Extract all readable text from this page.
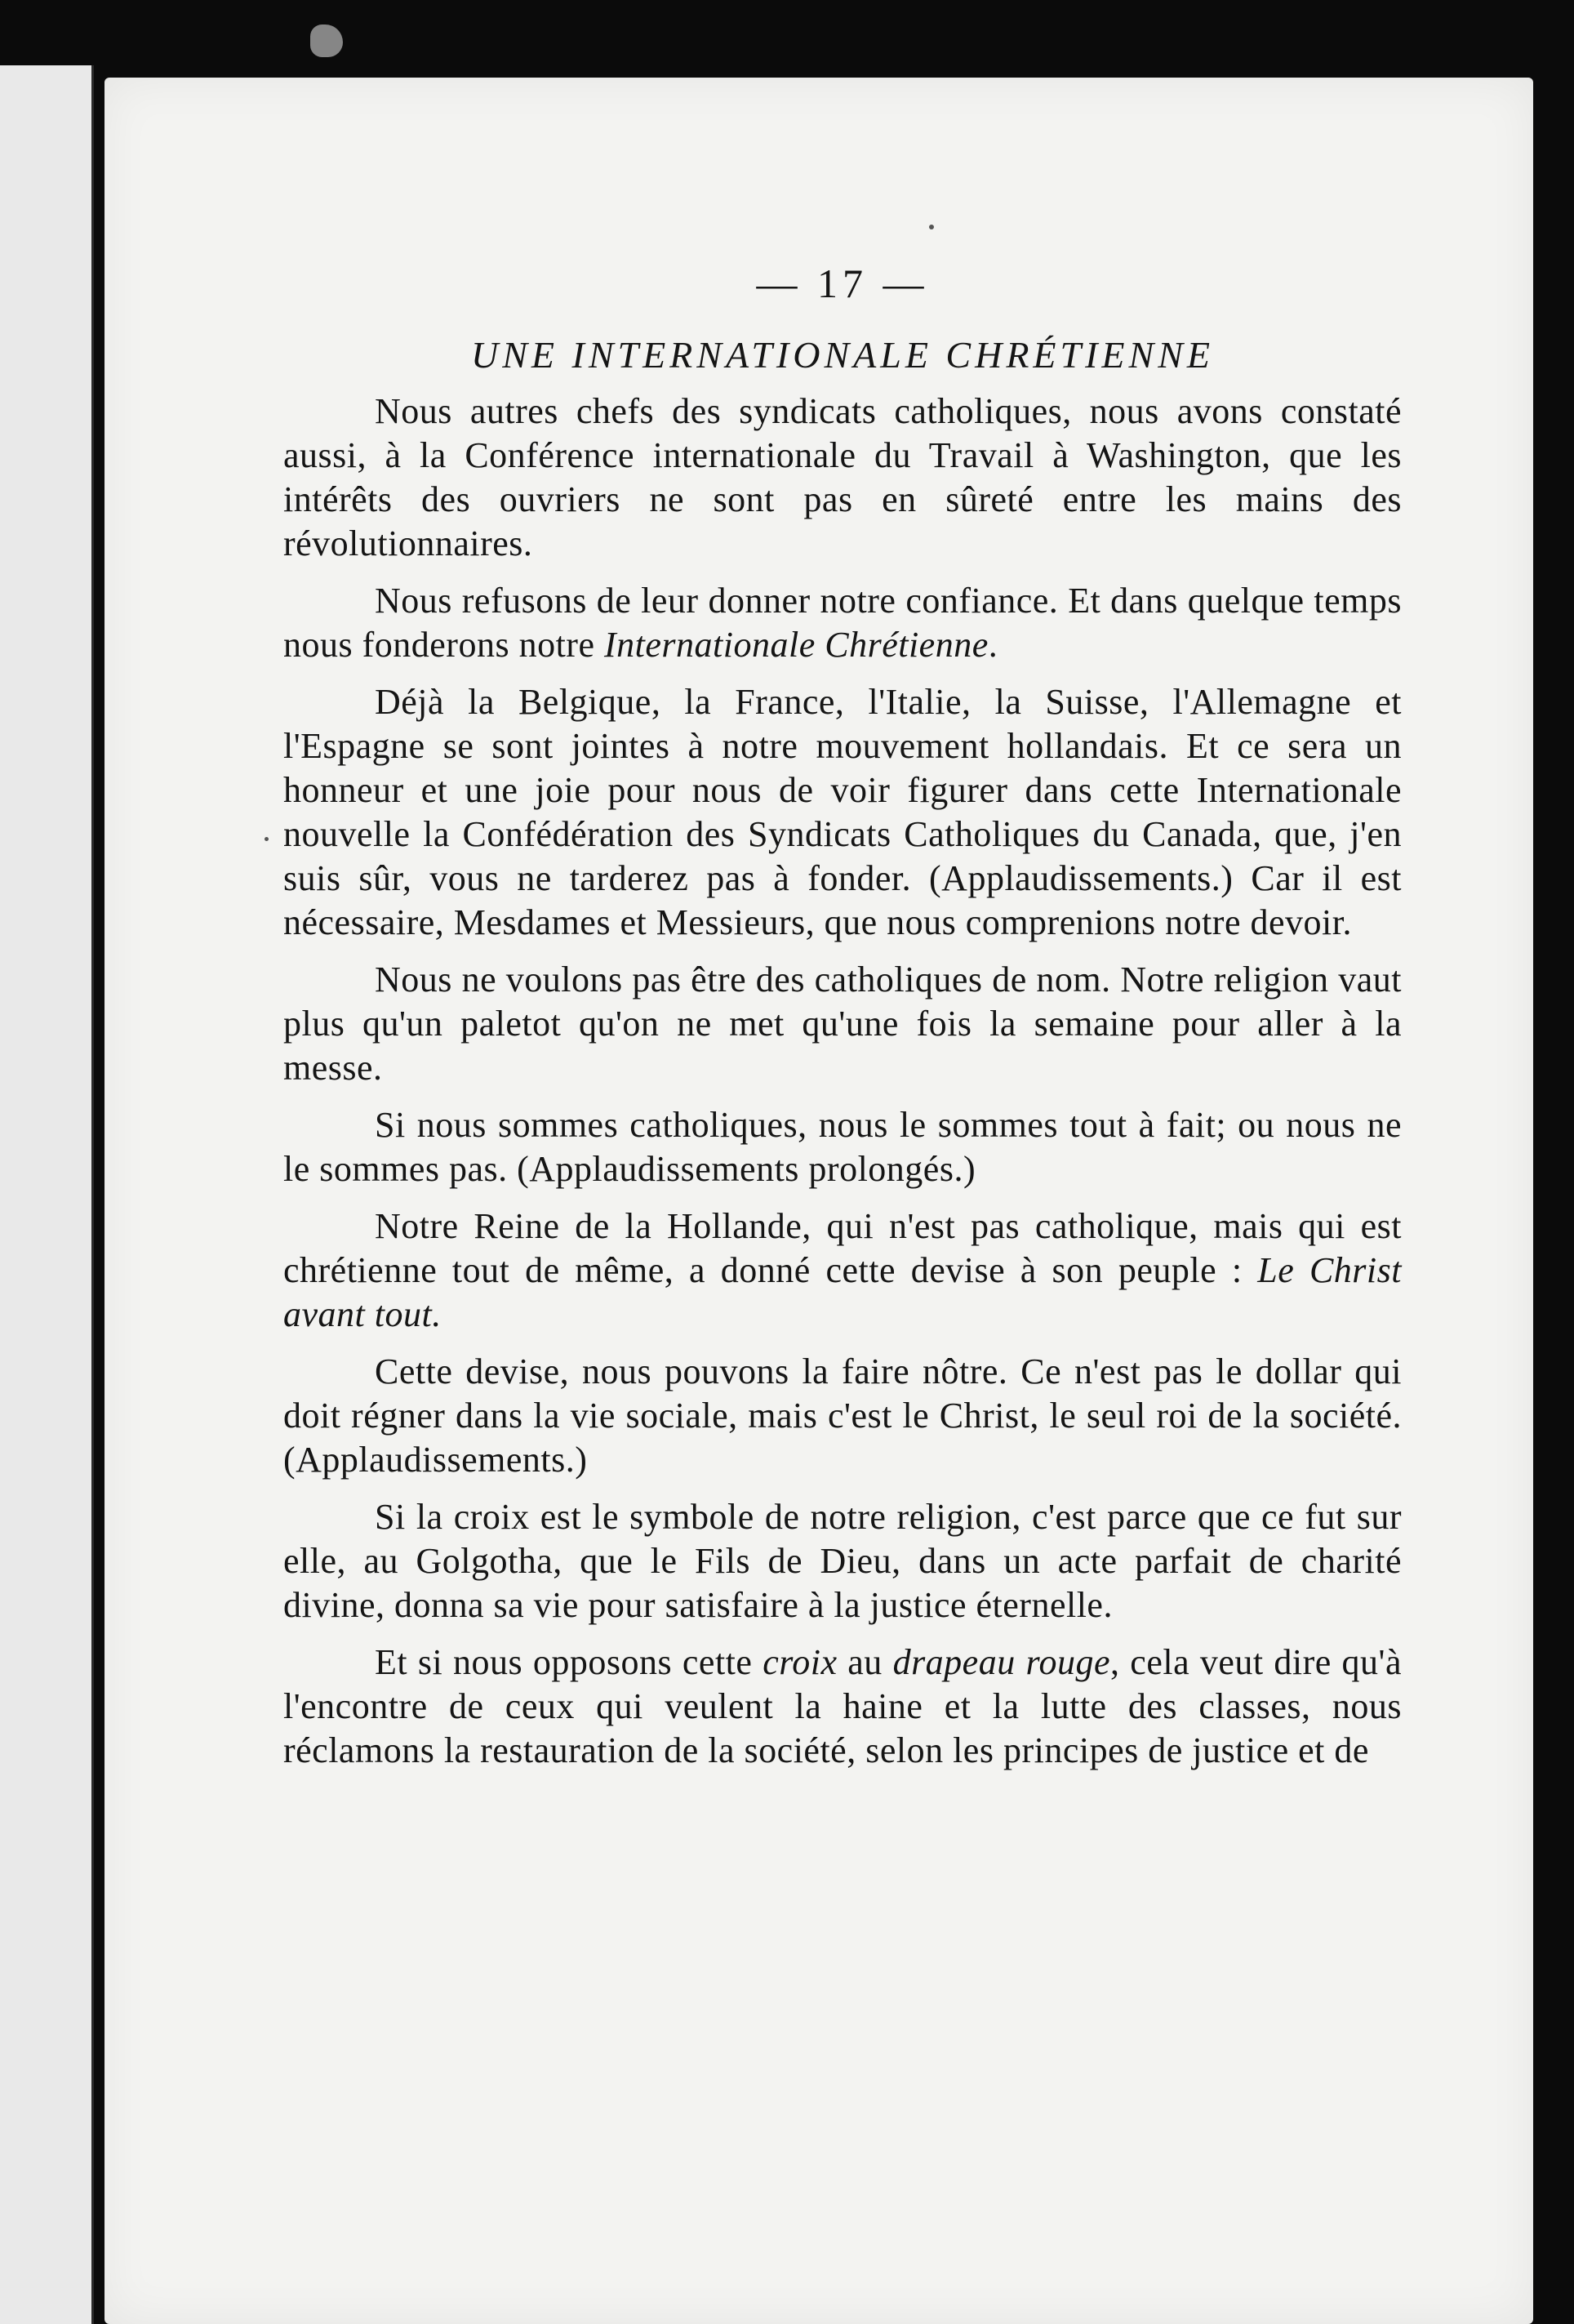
— 17 —
UNE INTERNATIONALE CHRÉTIENNE

Nous autres chefs des syndicats catholiques, nous avons constaté aussi, à la Conférence internationale du Travail à Washington, que les intérêts des ouvriers ne sont pas en sûreté entre les mains des révolutionnaires.

Nous refusons de leur donner notre confiance. Et dans quelque temps nous fonderons notre Internationale Chrétienne.

Déjà la Belgique, la France, l'Italie, la Suisse, l'Allemagne et l'Espagne se sont jointes à notre mouvement hollandais. Et ce sera un honneur et une joie pour nous de voir figurer dans cette Internationale nouvelle la Confédération des Syndicats Catholiques du Canada, que, j'en suis sûr, vous ne tarderez pas à fonder. (Applaudissements.) Car il est nécessaire, Mesdames et Messieurs, que nous comprenions notre devoir.

Nous ne voulons pas être des catholiques de nom. Notre religion vaut plus qu'un paletot qu'on ne met qu'une fois la semaine pour aller à la messe.

Si nous sommes catholiques, nous le sommes tout à fait; ou nous ne le sommes pas. (Applaudissements prolongés.)

Notre Reine de la Hollande, qui n'est pas catholique, mais qui est chrétienne tout de même, a donné cette devise à son peuple : Le Christ avant tout.

Cette devise, nous pouvons la faire nôtre. Ce n'est pas le dollar qui doit régner dans la vie sociale, mais c'est le Christ, le seul roi de la société. (Applaudissements.)

Si la croix est le symbole de notre religion, c'est parce que ce fut sur elle, au Golgotha, que le Fils de Dieu, dans un acte parfait de charité divine, donna sa vie pour satisfaire à la justice éternelle.

Et si nous opposons cette croix au drapeau rouge, cela veut dire qu'à l'encontre de ceux qui veulent la haine et la lutte des classes, nous réclamons la restauration de la société, selon les principes de justice et de
